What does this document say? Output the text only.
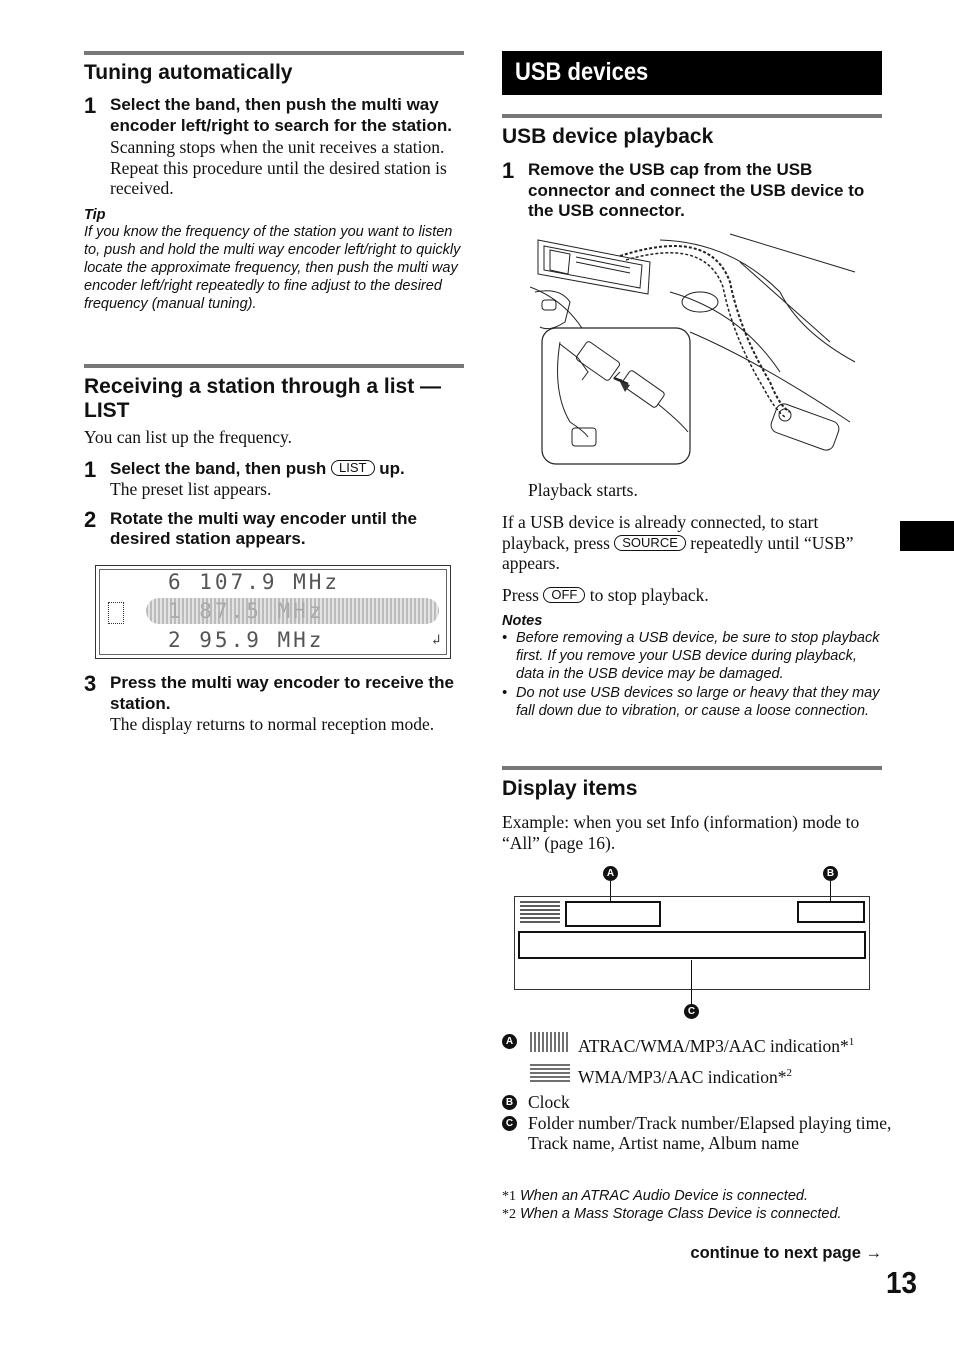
Tuning automatically
1 Select the band, then push the multi way encoder left/right to search for the station.
Scanning stops when the unit receives a station. Repeat this procedure until the desired station is received.
Tip
If you know the frequency of the station you want to listen to, push and hold the multi way encoder left/right to quickly locate the approximate frequency, then push the multi way encoder left/right repeatedly to fine adjust to the desired frequency (manual tuning).
Receiving a station through a list — LIST
You can list up the frequency.
1 Select the band, then push LIST up.
The preset list appears.
2 Rotate the multi way encoder until the desired station appears.
↲
6 107.9 MHz
1 87.5 MHz
2 95.9 MHz
3 Press the multi way encoder to receive the station.
The display returns to normal reception mode.
USB devices
USB device playback
1 Remove the USB cap from the USB connector and connect the USB device to the USB connector.
Playback starts.
If a USB device is already connected, to start playback, press SOURCE repeatedly until “USB” appears.
Press OFF to stop playback.
Notes
• Before removing a USB device, be sure to stop playback first. If you remove your USB device during playback, data in the USB device may be damaged.
• Do not use USB devices so large or heavy that they may fall down due to vibration, or cause a loose connection.
Display items
Example: when you set Info (information) mode to “All” (page 16).
A	B
C
A	ATRAC/WMA/MP3/AAC indication*$^1$
WMA/MP3/AAC indication*$^2$
B Clock
C Folder number/Track number/Elapsed playing time, Track name, Artist name, Album name
*1 When an ATRAC Audio Device is connected.
*2 When a Mass Storage Class Device is connected.
continue to next page →
13
